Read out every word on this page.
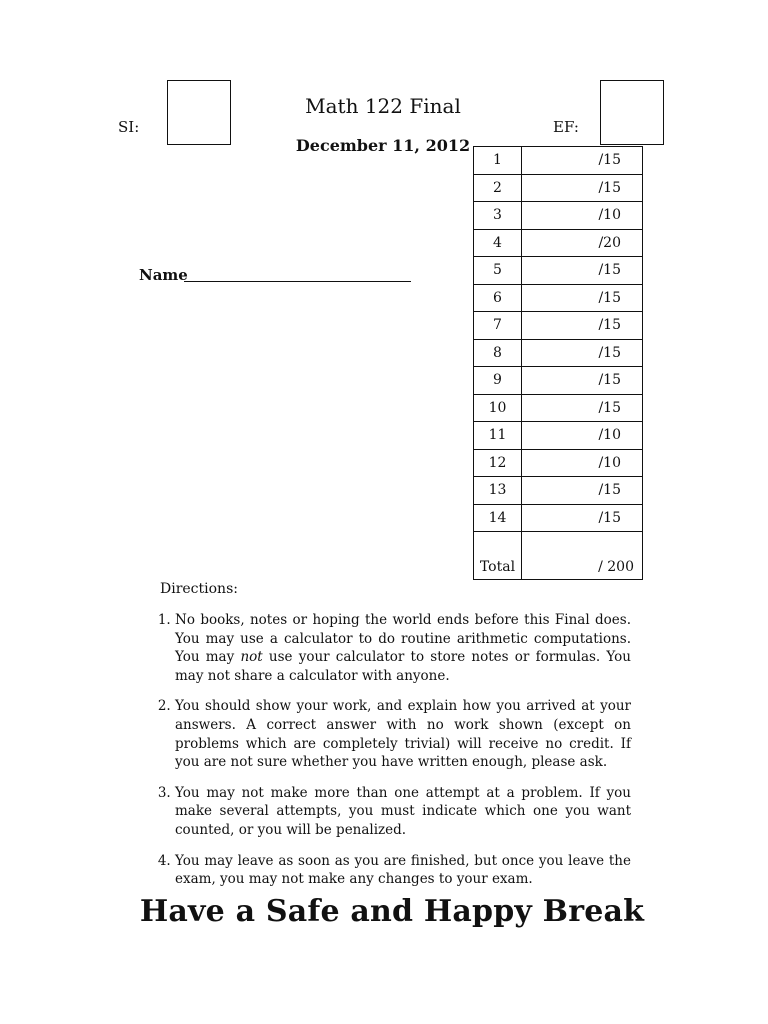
SI:
Math 122 Final
December 11, 2012
EF:
Name
1	/15
2	/15
3	/10
4	/20
5	/15
6	/15
7	/15
8	/15
9	/15
10	/15
11	/10
12	/10
13	/15
14	/15
Total	/ 200
Directions:
1. No books, notes or hoping the world ends before this Final does. You may use a calculator to do routine arithmetic computations. You may not use your calculator to store notes or formulas. You may not share a calculator with anyone.
2. You should show your work, and explain how you arrived at your answers. A correct answer with no work shown (except on problems which are completely trivial) will receive no credit. If you are not sure whether you have written enough, please ask.
3. You may not make more than one attempt at a problem. If you make several attempts, you must indicate which one you want counted, or you will be penalized.
4. You may leave as soon as you are finished, but once you leave the exam, you may not make any changes to your exam.
Have a Safe and Happy Break
